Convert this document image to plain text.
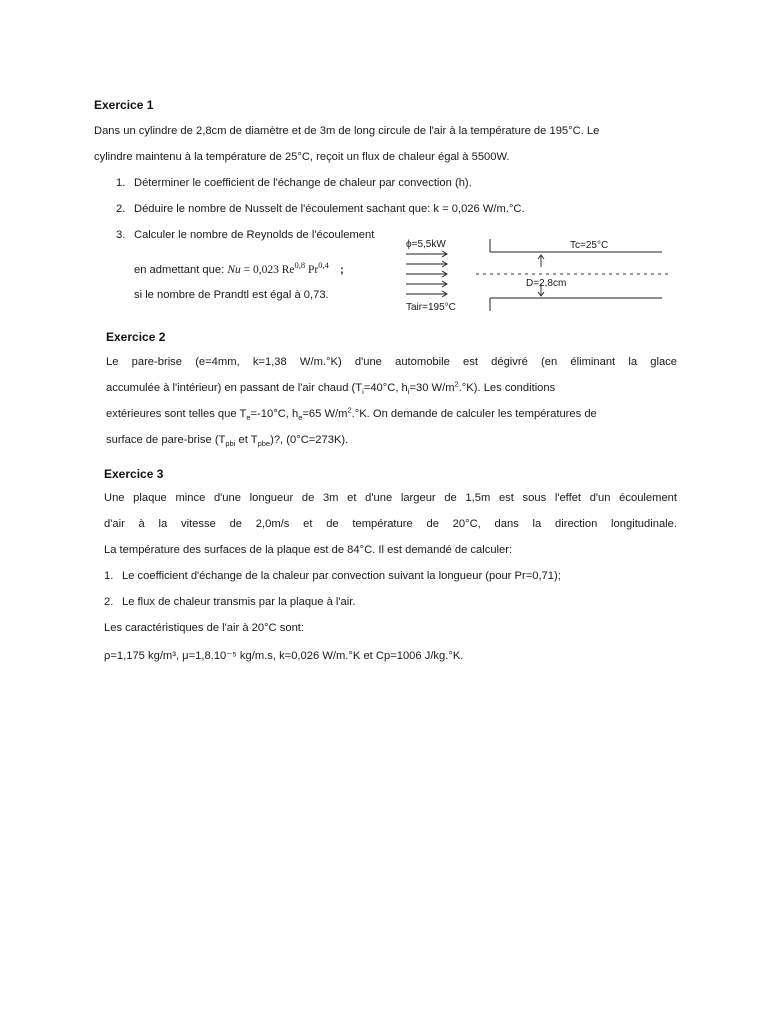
Exercice 1
Dans un cylindre de 2,8cm de diamètre et de 3m de long circule de l'air à la température de 195°C. Le
cylindre maintenu à la température de 25°C, reçoit un flux de chaleur égal à 5500W.
1. Déterminer le coefficient de l'échange de chaleur par convection (h).
2. Déduire le nombre de Nusselt de l'écoulement sachant que: k = 0,026 W/m.°C.
3. Calculer le nombre de Reynolds de l'écoulement
en admettant que: Nu = 0,023 Re$^{0,8}$ Pr$^{0,4}$ ;
si le nombre de Prandtl est égal à 0,73.
ϕ=5,5kW	Tc=25°C
D=2,8cm
Tair=195°C
Exercice 2
Le pare-brise (e=4mm, k=1,38 W/m.°K) d'une automobile est dégivré (en éliminant la glace
accumulée à l'intérieur) en passant de l'air chaud ($T_i=40^\circ C$, $h_i=30$ $W/m^2.^\circ K$). Les conditions
extérieures sont telles que $T_e=-10^\circ C$, $h_e=65$ $W/m^2.^\circ K$. On demande de calculer les températures de
surface de pare-brise ($T_{pbi}$ et $T_{pbe}$)?, (0°C=273K).
Exercice 3
Une plaque mince d'une longueur de 3m et d'une largeur de 1,5m est sous l'effet d'un écoulement
d'air à la vitesse de 2,0m/s et de température de 20°C, dans la direction longitudinale.
La température des surfaces de la plaque est de 84°C. Il est demandé de calculer:
1. Le coefficient d'échange de la chaleur par convection suivant la longueur (pour Pr=0,71);
2. Le flux de chaleur transmis par la plaque à l'air.
Les caractéristiques de l'air à 20°C sont:
ρ=1,175 kg/m³, μ=1,8.10⁻⁵ kg/m.s, k=0,026 W/m.°K et Cp=1006 J/kg.°K.
